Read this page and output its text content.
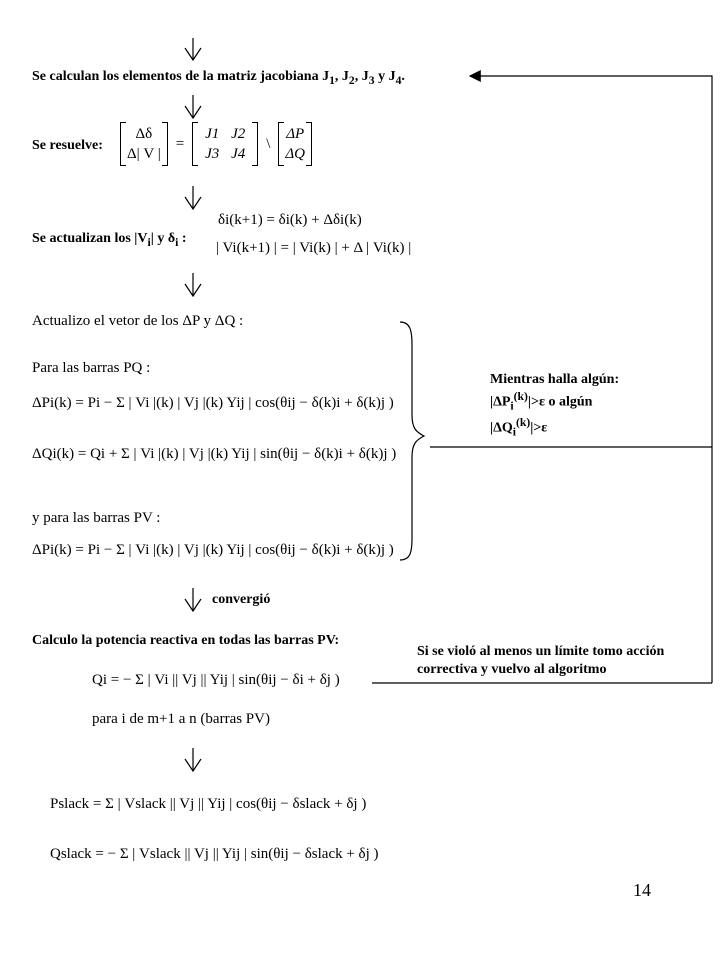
Se calculan los elementos de la matriz jacobiana $J_1$, $J_2$, $J_3$ y $J_4$.
Se resuelve:
Δδ
Δ| V |
=
J1 J2
J3 J4
\
ΔP
ΔQ
Se actualizan los $|V_i|$ y $\delta_i$ :
δi(k+1) = δi(k) + Δδi(k)
| Vi(k+1) | = | Vi(k) | + Δ | Vi(k) |
Actualizo el vetor de los ΔP y ΔQ :
Para las barras PQ :
ΔPi(k) = Pi − Σ | Vi |(k) | Vj |(k) Yij | cos(θij − δ(k)i + δ(k)j )
ΔQi(k) = Qi + Σ | Vi |(k) | Vj |(k) Yij | sin(θij − δ(k)i + δ(k)j )
y para las barras PV :
ΔPi(k) = Pi − Σ | Vi |(k) | Vj |(k) Yij | cos(θij − δ(k)i + δ(k)j )
Mientras halla algún:
$|\Delta P_i^{(k)}|>\varepsilon$ o algún
$|\Delta Q_i^{(k)}|>\varepsilon$
convergió
Calculo la potencia reactiva en todas las barras PV:
Qi = − Σ | Vi || Vj || Yij | sin(θij − δi + δj )
para i de m+1 a n (barras PV)
Si se violó al menos un límite tomo acción
correctiva y vuelvo al algoritmo
Pslack = Σ | Vslack || Vj || Yij | cos(θij − δslack + δj )
Qslack = − Σ | Vslack || Vj || Yij | sin(θij − δslack + δj )
14
